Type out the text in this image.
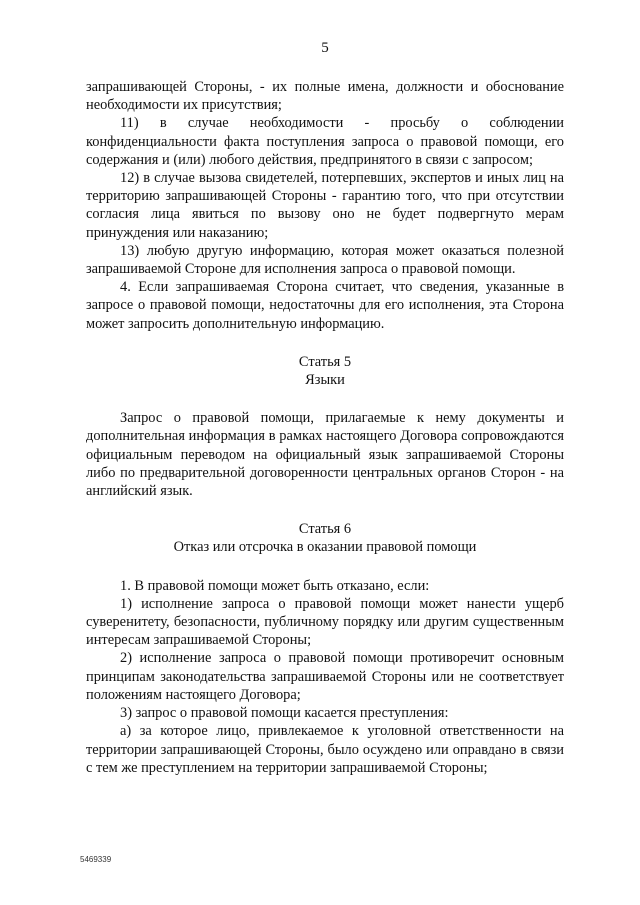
5

запрашивающей Стороны, - их полные имена, должности и обоснование необходимости их присутствия;

11) в случае необходимости - просьбу о соблюдении конфиденциальности факта поступления запроса о правовой помощи, его содержания и (или) любого действия, предпринятого в связи с запросом;

12) в случае вызова свидетелей, потерпевших, экспертов и иных лиц на территорию запрашивающей Стороны - гарантию того, что при отсутствии согласия лица явиться по вызову оно не будет подвергнуто мерам принуждения или наказанию;

13) любую другую информацию, которая может оказаться полезной запрашиваемой Стороне для исполнения запроса о правовой помощи.

4. Если запрашиваемая Сторона считает, что сведения, указанные в запросе о правовой помощи, недостаточны для его исполнения, эта Сторона может запросить дополнительную информацию.

Статья 5

Языки

Запрос о правовой помощи, прилагаемые к нему документы и дополнительная информация в рамках настоящего Договора сопровождаются официальным переводом на официальный язык запрашиваемой Стороны либо по предварительной договоренности центральных органов Сторон - на английский язык.

Статья 6

Отказ или отсрочка в оказании правовой помощи

1. В правовой помощи может быть отказано, если:

1) исполнение запроса о правовой помощи может нанести ущерб суверенитету, безопасности, публичному порядку или другим существенным интересам запрашиваемой Стороны;

2) исполнение запроса о правовой помощи противоречит основным принципам законодательства запрашиваемой Стороны или не соответствует положениям настоящего Договора;

3) запрос о правовой помощи касается преступления:

а) за которое лицо, привлекаемое к уголовной ответственности на территории запрашивающей Стороны, было осуждено или оправдано в связи с тем же преступлением на территории запрашиваемой Стороны;

5469339
